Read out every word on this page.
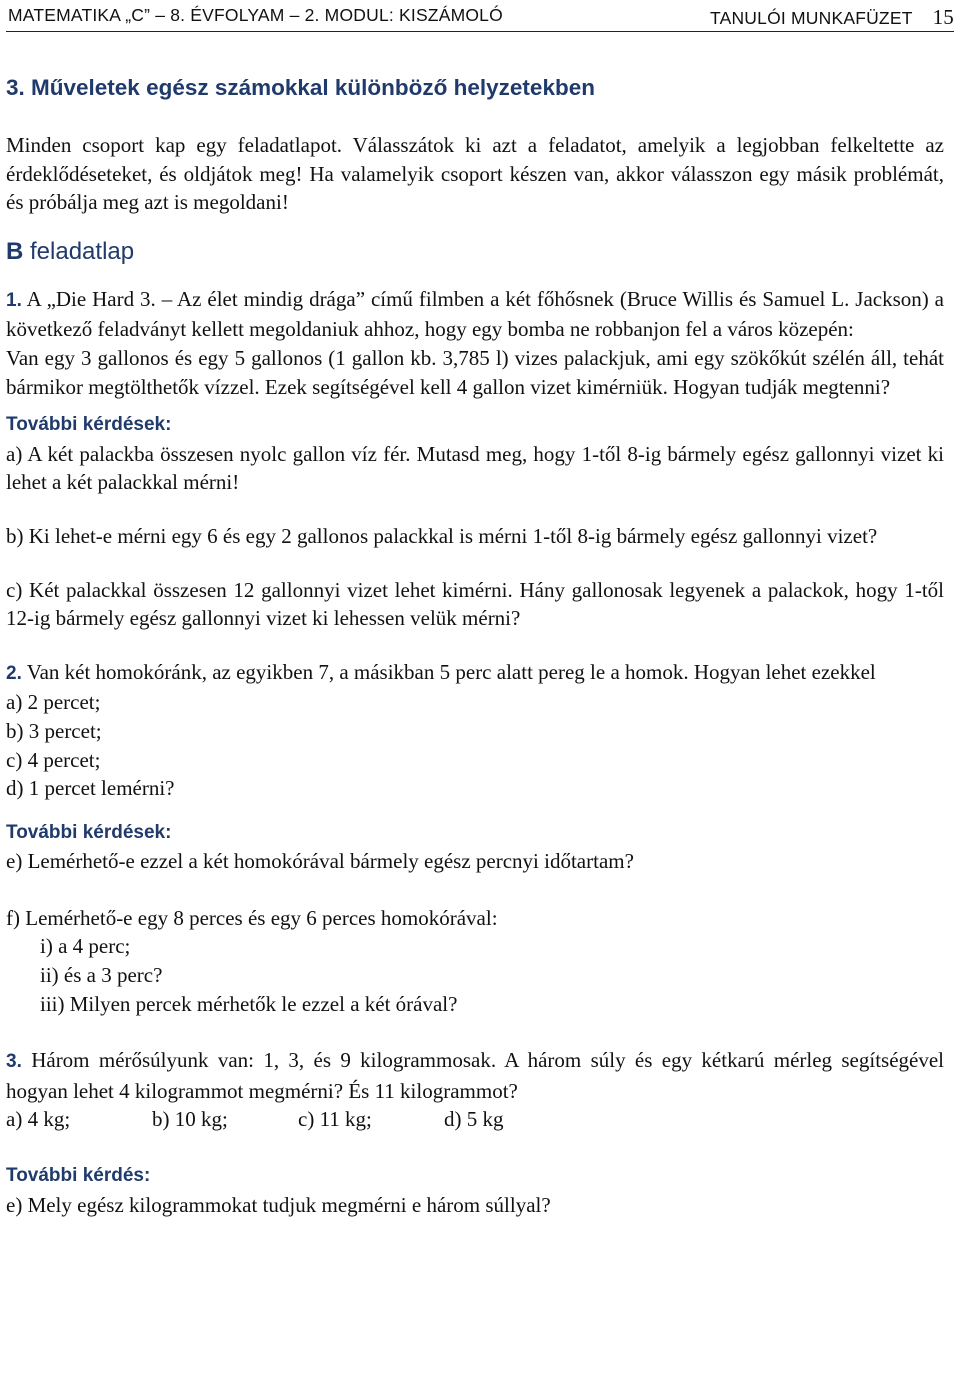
MATEMATIKA „C” – 8. ÉVFOLYAM – 2. MODUL: KISZÁMOLÓ	TANULÓI MUNKAFÜZET 15

3. Műveletek egész számokkal különböző helyzetekben

Minden csoport kap egy feladatlapot. Válasszátok ki azt a feladatot, amelyik a legjobban felkeltette az érdeklődéseteket, és oldjátok meg! Ha valamelyik csoport készen van, akkor válasszon egy másik problémát, és próbálja meg azt is megoldani!

B feladatlap

1. A „Die Hard 3. – Az élet mindig drága” című filmben a két főhősnek (Bruce Willis és Samuel L. Jackson) a következő feladványt kellett megoldaniuk ahhoz, hogy egy bomba ne robbanjon fel a város közepén:

Van egy 3 gallonos és egy 5 gallonos (1 gallon kb. 3,785 l) vizes palackjuk, ami egy szökőkút szélén áll, tehát bármikor megtölthetők vízzel. Ezek segítségével kell 4 gallon vizet kimérniük. Hogyan tudják megtenni?

További kérdések:

a) A két palackba összesen nyolc gallon víz fér. Mutasd meg, hogy 1-től 8-ig bármely egész gallonnyi vizet ki lehet a két palackkal mérni!

b) Ki lehet-e mérni egy 6 és egy 2 gallonos palackkal is mérni 1-től 8-ig bármely egész gallonnyi vizet?

c) Két palackkal összesen 12 gallonnyi vizet lehet kimérni. Hány gallonosak legyenek a palackok, hogy 1-től 12-ig bármely egész gallonnyi vizet ki lehessen velük mérni?

2. Van két homokóránk, az egyikben 7, a másikban 5 perc alatt pereg le a homok. Hogyan lehet ezekkel

a) 2 percet;

b) 3 percet;

c) 4 percet;

d) 1 percet lemérni?

További kérdések:

e) Lemérhető-e ezzel a két homokórával bármely egész percnyi időtartam?

f) Lemérhető-e egy 8 perces és egy 6 perces homokórával:

i) a 4 perc;

ii) és a 3 perc?

iii) Milyen percek mérhetők le ezzel a két órával?

3. Három mérősúlyunk van: 1, 3, és 9 kilogrammosak. A három súly és egy kétkarú mérleg segítségével hogyan lehet 4 kilogrammot megmérni? És 11 kilogrammot?

a) 4 kg;	b) 10 kg;	c) 11 kg;	d) 5 kg

További kérdés:

e) Mely egész kilogrammokat tudjuk megmérni e három súllyal?
